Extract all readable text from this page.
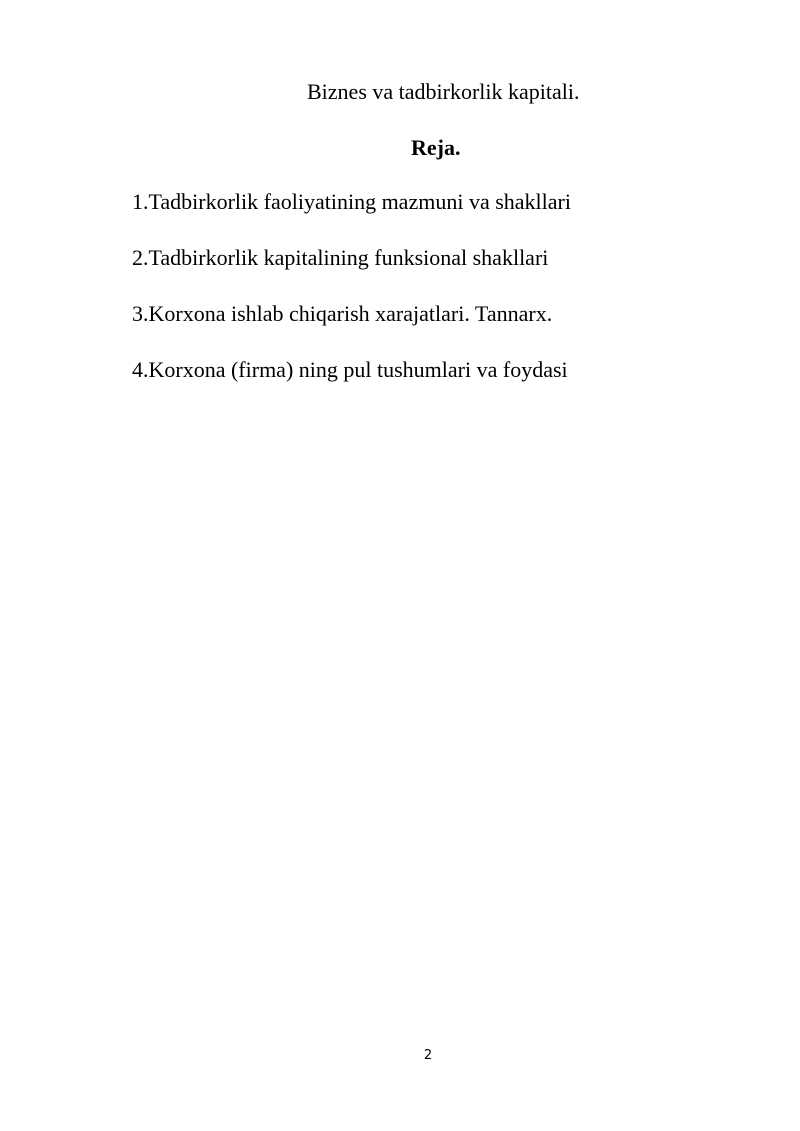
Biznes va tadbirkorlik kapitali.
Reja.
1.Tadbirkorlik faoliyatining mazmuni va shakllari
2.Tadbirkorlik kapitalining funksional shakllari
3.Korxona ishlab chiqarish xarajatlari. Tannarx.
4.Korxona (firma) ning pul tushumlari va foydasi
2
